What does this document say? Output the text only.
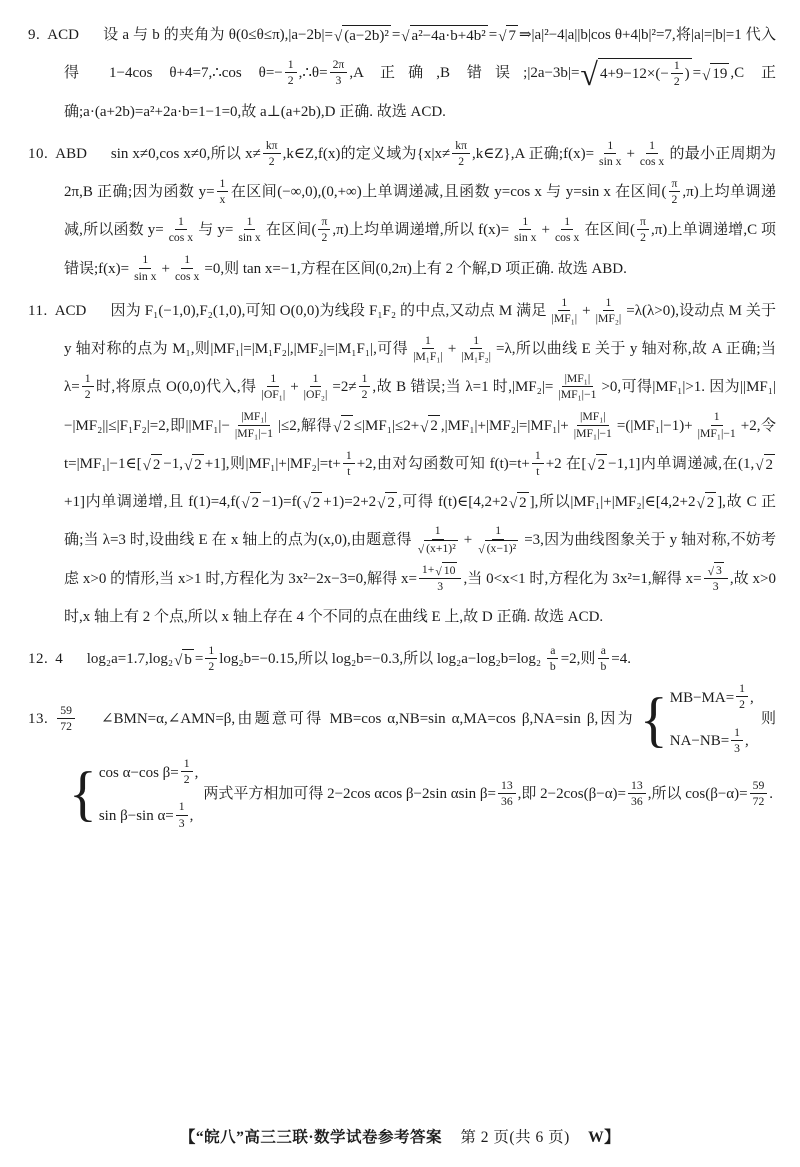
9. ACD 设 a 与 b 的夹角为 θ(0≤θ≤π),|a−2b|= √ (a−2b)² = √ a²−4a·b+4b² = √ 7 ⇒|a|²−4|a||b|cos θ+4|b|²=7,将|a|=|b|=1 代入得 1−4cos θ+4=7,∴cos $\theta=- \frac{1}{2}$ ,∴θ= $\frac{2\pi}{3} ,A$ 正确,B 错误;|2a−3b|= √ $4+9-12\times(- \frac{1}{2}$ ) = √ 19 ,C 正确;a·(a+2b)=a²+2a·b=1−1=0,故 a⊥(a+2b),D 正确. 故选 ACD.
10. ABD sin x≠0,cos x≠0,所以 $x\ne \frac{k\pi}{2}$ ,k∈Z,f(x)的定义域为{$x|x\ne \frac{k\pi}{2}$ ,k∈Z},A 正确;f(x)= $\frac{1}{\text{sin x}} + \frac{1}{\text{cos x}}$ 的最小正周期为 2π,B 正确;因为函数 $y= \frac{1}{x}$ 在区间(−∞,0),(0,+∞)上单调递减,且函数 y=cos x 与 y=sin x 在区间( $\frac{\pi}{2} ,\pi$)上均单调递减,所以函数 $y= \frac{1}{\text{cos x}}$ 与 $y= \frac{1}{\text{sin x}}$ 在区间( $\frac{\pi}{2} ,\pi$)上均单调递增,所以 $f(x)= \frac{1}{\text{sin x}} + \frac{1}{\text{cos x}}$ 在区间( $\frac{\pi}{2} ,\pi$)上单调递增,C 项错误;f(x)= $\frac{1}{\text{sin x}} + \frac{1}{\text{cos x}} =0$,则 tan x=−1,方程在区间(0,2π)上有 2 个解,D 项正确. 故选 ABD.
11. ACD 因为 F₁(−1,0),F₂(1,0),可知 O(0,0)为线段 F₁F₂ 的中点,又动点 M 满足 $\frac{1}{\text{|MF₁|}} + \frac{1}{\text{|MF₂|}} =\lambda(\lambda>0)$,设动点 M 关于 y 轴对称的点为 M₁,则|MF₁|=|M₁F₂|,|MF₂|=|M₁F₁|,可得 $\frac{1}{\text{|M₁F₁|}} + \frac{1}{\text{|M₁F₂|}} =\lambda$,所以曲线 E 关于 y 轴对称,故 A 正确;当 $\lambda= \frac{1}{2}$ 时,将原点 O(0,0)代入,得 $\frac{1}{\text{|OF₁|}} + \frac{1}{\text{|OF₂|}} =2\ne \frac{1}{2}$ ,故 B 错误;当 λ=1 时$,|MF_2|= \frac{\text{|MF₁|}}{\text{|MF₁|−1}} >0$,可得|MF₁|>1. 因为||MF₁|−|MF₂||≤|F₁F₂|=2,即$||MF_1|- \frac{\text{|MF₁|}}{\text{|MF₁|−1}} |\le 2$,解得 √ 2 ≤|MF₁|≤2+ √ 2 $,|MF_1|+|MF_2|=|MF_1|+ \frac{\text{|MF₁|}}{\text{|MF₁|−1}} =(|MF_1|-1)+ \frac{1}{\text{|MF₁|−1}} +2$,令 t=|MF₁|−1∈[ √ 2 −1, √ 2 +1],则$|MF_1|+|MF_2|=t+ \frac{1}{t} +2$,由对勾函数可知 $f(t)=t+ \frac{1}{t} +2$ 在[ √ 2 −1,1]内单调递减,在(1, √ 2
+1]内单调递增,且 f(1)=4,f( √ 2 −1)=f( √ 2 +1)=2+2 √ 2 ,可得 f(t)∈[4,2+2 √ 2 ],所以|MF₁|+|MF₂|∈[4,2+2 √ 2 ],故 C 正确;当 λ=3 时,设曲线 E 在 x 轴上的点为(x,0),由题意得 $\frac{1}{\text{√ (x+1)²}} + \frac{1}{\text{√ (x−1)²}} =3$,因为曲线图象关于 y 轴对称,不妨考虑 x>0 的情形,当 x>1 时,方程化为 3x²−2x−3=0,解得 $x= \frac{1+ √ 10}{3}$ ,当 0<x<1 时,方程化为 3x²=1,解得 $x= \frac{√ 3}{3}$ ,故 x>0 时,x 轴上有 2 个点,所以 x 轴上存在 4 个不同的点在曲线 E 上,故 D 正确. 故选 ACD.
12. 4 log₂a=1.7,log₂ √ $b = \frac{1}{2} \log_2b=-0.15$,所以 log₂b=−0.3,所以 $\log_2a-\log_2b=\log_2 \frac{a}{b} =2$,则 $\frac{a}{b} =4$.
13. $\frac{59}{72}$ ∠BMN=α,∠AMN=β,由题意可得 MB=cos α,NB=sin α,MA=cos β,NA=sin β,因为 { $MB-MA= \frac{1}{2}$ ,
$NA-NB= \frac{1}{3}$ ,
则
{ cos α−cos $\beta= \frac{1}{2}$ ,
sin β−sin $\alpha= \frac{1}{3}$ ,
两式平方相加可得 2−2cos αcos β−2sin αsin $\beta= \frac{13}{36}$ ,即 $2-2\cos(\beta-\alpha)= \frac{13}{36}$ ,所以 $\cos(\beta-\alpha)= \frac{59}{72}$ .
【“皖八”高三三联·数学试卷参考答案 第 2 页(共 6 页) W】
